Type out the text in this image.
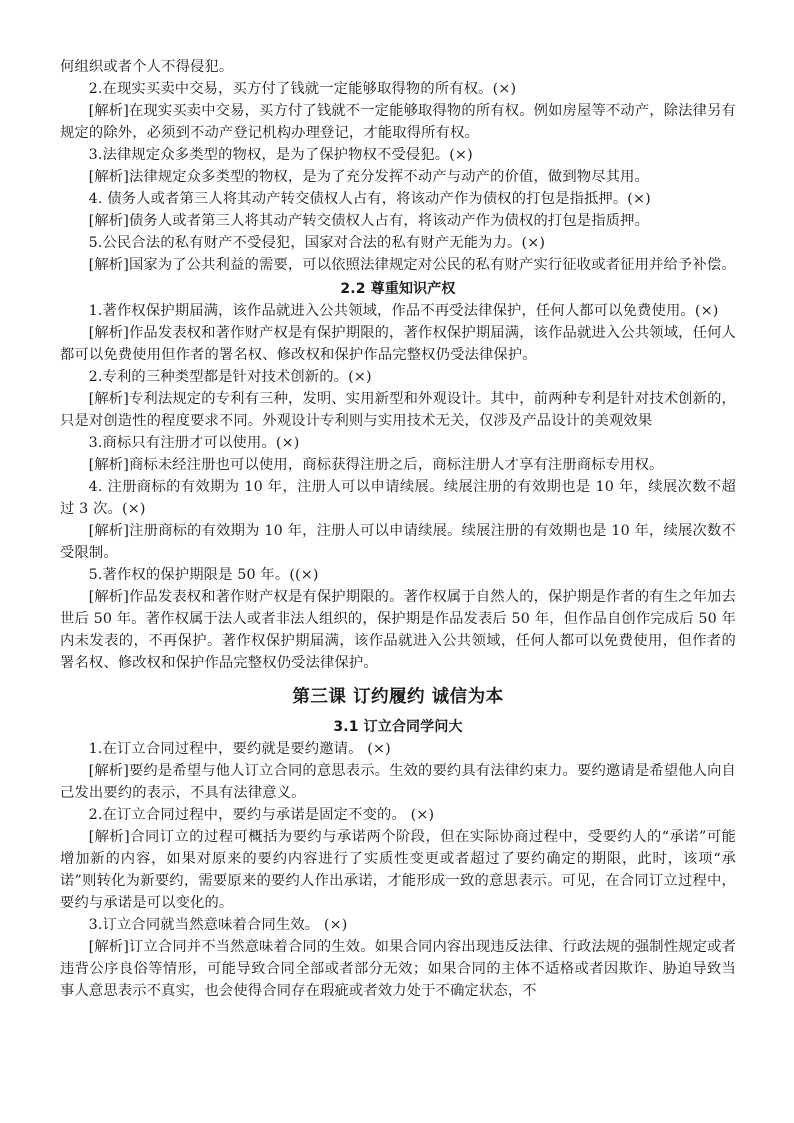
何组织或者个人不得侵犯。
2.在现实买卖中交易，买方付了钱就一定能够取得物的所有权。(×)
[解析]在现实买卖中交易，买方付了钱就不一定能够取得物的所有权。例如房屋等不动产，除法律另有规定的除外，必须到不动产登记机构办理登记，才能取得所有权。
3.法律规定众多类型的物权，是为了保护物权不受侵犯。(×)
[解析]法律规定众多类型的物权，是为了充分发挥不动产与动产的价值，做到物尽其用。
4. 债务人或者第三人将其动产转交债权人占有，将该动产作为债权的打包是指抵押。(×)
[解析]债务人或者第三人将其动产转交债权人占有，将该动产作为债权的打包是指质押。
5.公民合法的私有财产不受侵犯，国家对合法的私有财产无能为力。(×)
[解析]国家为了公共利益的需要，可以依照法律规定对公民的私有财产实行征收或者征用并给予补偿。
2.2 尊重知识产权
1.著作权保护期届满，该作品就进入公共领域，作品不再受法律保护，任何人都可以免费使用。(×)
[解析]作品发表权和著作财产权是有保护期限的，著作权保护期届满，该作品就进入公共领域，任何人都可以免费使用但作者的署名权、修改权和保护作品完整权仍受法律保护。
2.专利的三种类型都是针对技术创新的。(×)
[解析]专利法规定的专利有三种，发明、实用新型和外观设计。其中，前两种专利是针对技术创新的，只是对创造性的程度要求不同。外观设计专利则与实用技术无关，仅涉及产品设计的美观效果
3.商标只有注册才可以使用。(×)
[解析]商标未经注册也可以使用，商标获得注册之后，商标注册人才享有注册商标专用权。
4. 注册商标的有效期为 10 年，注册人可以申请续展。续展注册的有效期也是 10 年，续展次数不超过 3 次。(×)
[解析]注册商标的有效期为 10 年，注册人可以申请续展。续展注册的有效期也是 10 年，续展次数不受限制。
5.著作权的保护期限是 50 年。((×)
[解析]作品发表权和著作财产权是有保护期限的。著作权属于自然人的，保护期是作者的有生之年加去世后 50 年。著作权属于法人或者非法人组织的，保护期是作品发表后 50 年，但作品自创作完成后 50 年内未发表的，不再保护。著作权保护期届满，该作品就进入公共领域，任何人都可以免费使用，但作者的署名权、修改权和保护作品完整权仍受法律保护。
第三课 订约履约 诚信为本
3.1 订立合同学问大
1.在订立合同过程中，要约就是要约邀请。 (×)
[解析]要约是希望与他人订立合同的意思表示。生效的要约具有法律约束力。要约邀请是希望他人向自己发出要约的表示，不具有法律意义。
2.在订立合同过程中，要约与承诺是固定不变的。 (×)
[解析]合同订立的过程可概括为要约与承诺两个阶段，但在实际协商过程中，受要约人的“承诺”可能增加新的内容，如果对原来的要约内容进行了实质性变更或者超过了要约确定的期限，此时，该项“承诺”则转化为新要约，需要原来的要约人作出承诺，才能形成一致的意思表示。可见，在合同订立过程中，要约与承诺是可以变化的。
3.订立合同就当然意味着合同生效。 (×)
[解析]订立合同并不当然意味着合同的生效。如果合同内容出现违反法律、行政法规的强制性规定或者违背公序良俗等情形，可能导致合同全部或者部分无效；如果合同的主体不适格或者因欺诈、胁迫导致当事人意思表示不真实，也会使得合同存在瑕疵或者效力处于不确定状态，不
